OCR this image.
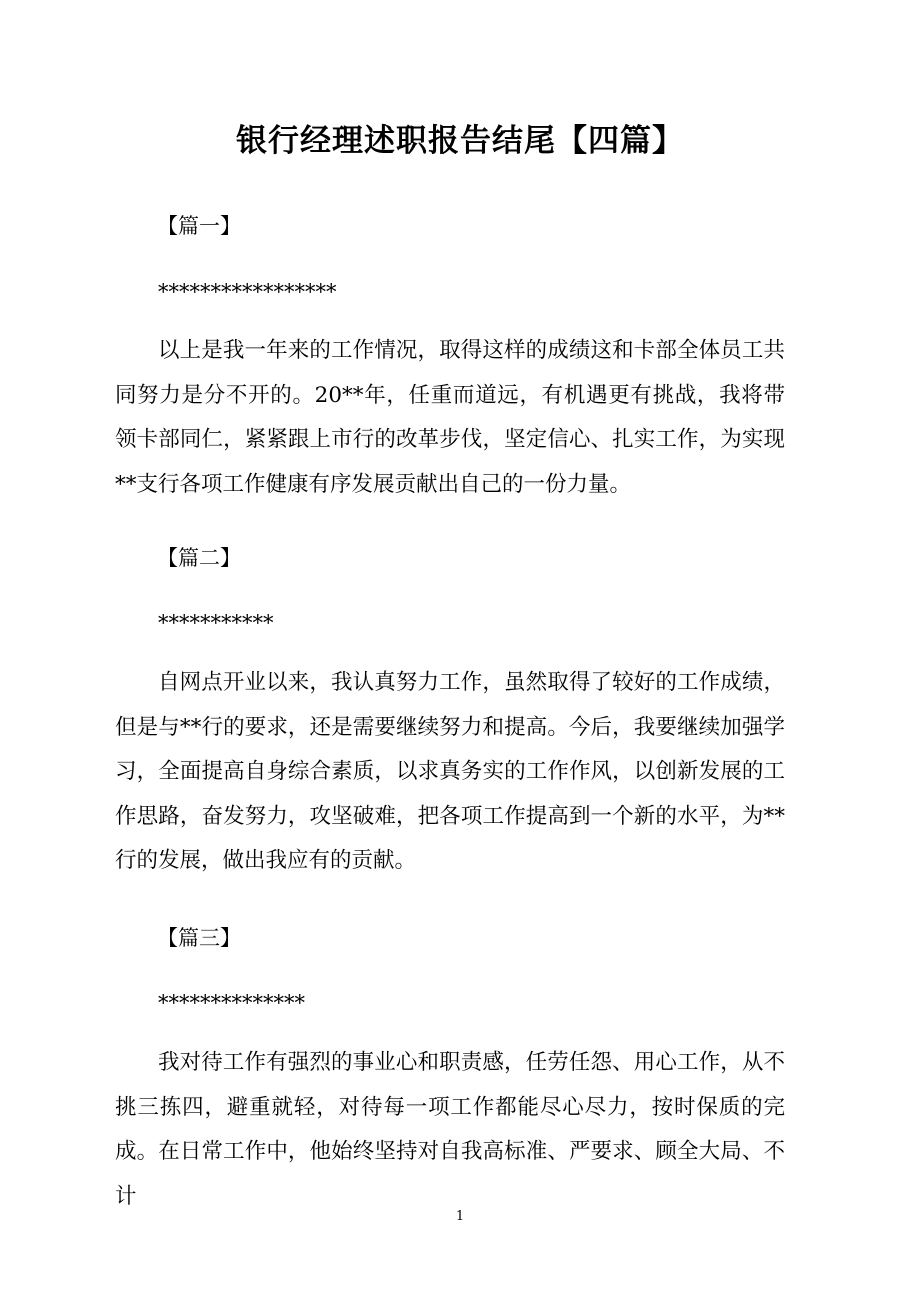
银行经理述职报告结尾【四篇】
【篇一】
*****************
以上是我一年来的工作情况，取得这样的成绩这和卡部全体员工共同努力是分不开的。20**年，任重而道远，有机遇更有挑战，我将带领卡部同仁，紧紧跟上市行的改革步伐，坚定信心、扎实工作，为实现**支行各项工作健康有序发展贡献出自己的一份力量。
【篇二】
***********
自网点开业以来，我认真努力工作，虽然取得了较好的工作成绩，但是与**行的要求，还是需要继续努力和提高。今后，我要继续加强学习，全面提高自身综合素质，以求真务实的工作作风，以创新发展的工作思路，奋发努力，攻坚破难，把各项工作提高到一个新的水平，为**行的发展，做出我应有的贡献。
【篇三】
**************
我对待工作有强烈的事业心和职责感，任劳任怨、用心工作，从不挑三拣四，避重就轻，对待每一项工作都能尽心尽力，按时保质的完成。在日常工作中，他始终坚持对自我高标准、严要求、顾全大局、不计
1
